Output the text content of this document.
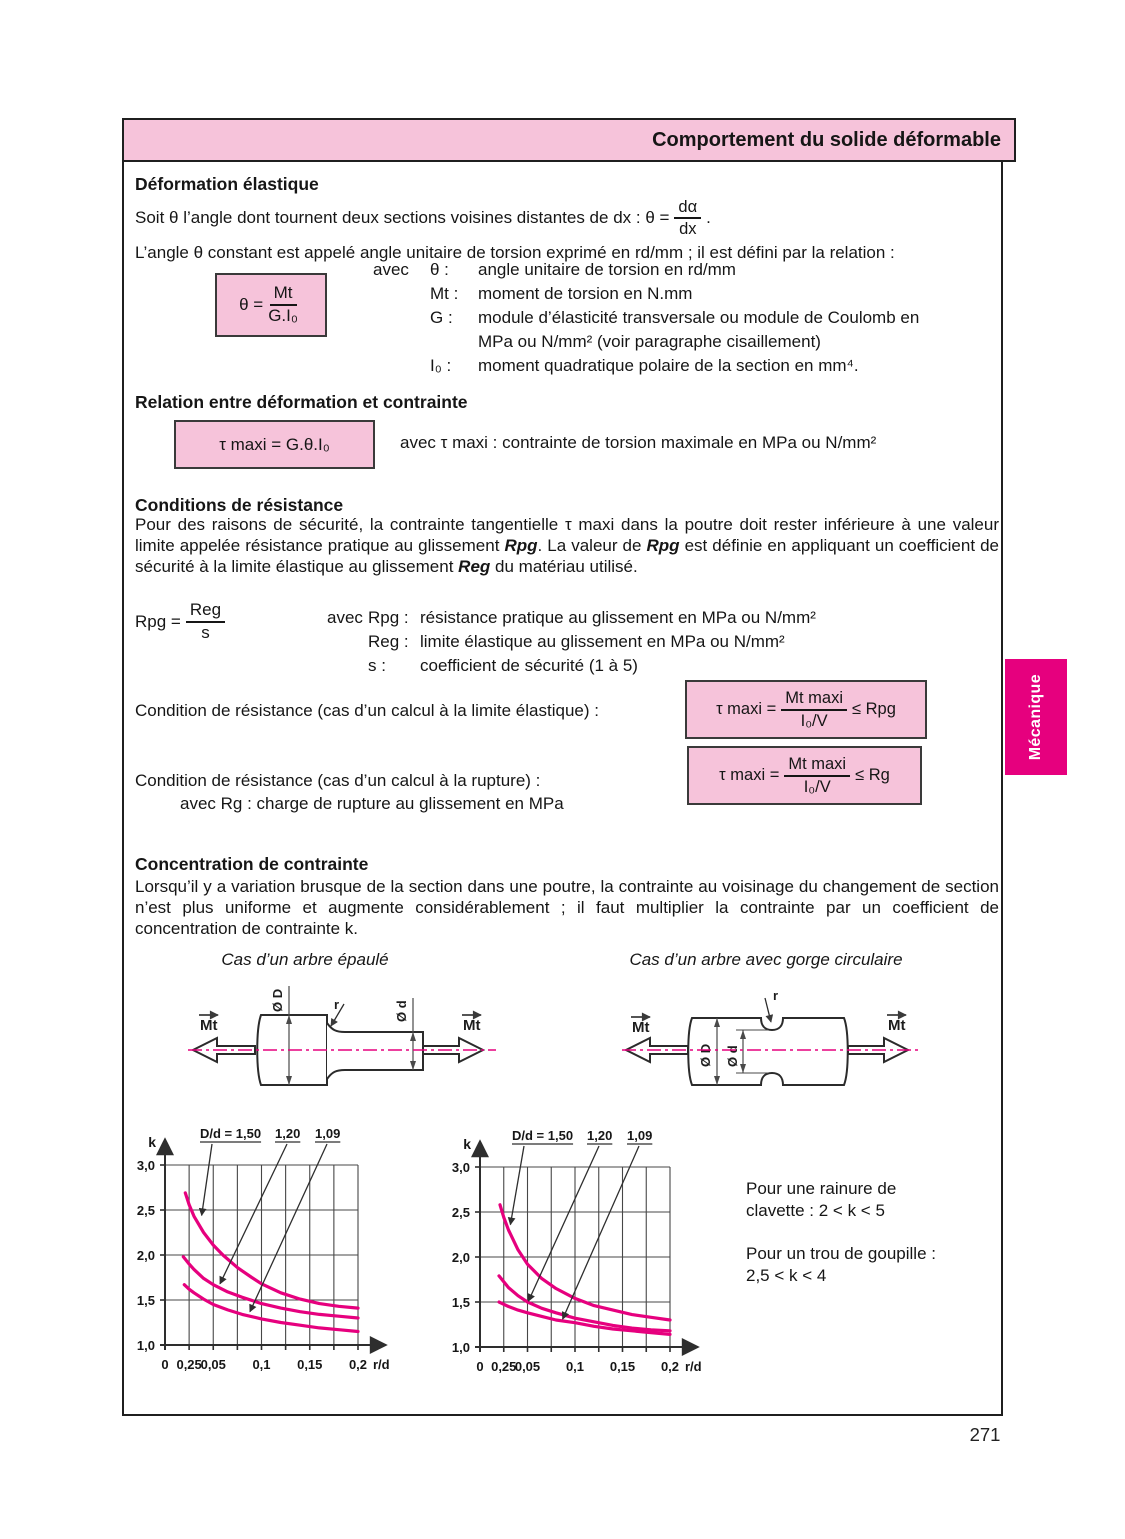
Comportement du solide déformable
Déformation élastique
Soit θ l’angle dont tournent deux sections voisines distantes de dx : $\theta = \frac{d\alpha}{dx}$ .
L’angle θ constant est appelé angle unitaire de torsion exprimé en rd/mm ; il est défini par la relation :
avec	θ :	angle unitaire de torsion en rd/mm
Mt :	moment de torsion en N.mm
G :	module d’élasticité transversale ou module de Coulomb en MPa ou N/mm² (voir paragraphe cisaillement)
I₀ :	moment quadratique polaire de la section en mm⁴.
$\theta = \frac{Mt}{\text{G.I₀}}$
Relation entre déformation et contrainte
τ maxi = G.θ.I₀	avec τ maxi : contrainte de torsion maximale en MPa ou N/mm²
Conditions de résistance
Pour des raisons de sécurité, la contrainte tangentielle τ maxi dans la poutre doit rester inférieure à une valeur limite appelée résistance pratique au glissement Rpg. La valeur de Rpg est définie en appliquant un coefficient de sécurité à la limite élastique au glissement Reg du matériau utilisé.
Rpg = $\frac{\text{Reg}}{s}$	avec Rpg : résistance pratique au glissement en MPa ou N/mm²
Reg : limite élastique au glissement en MPa ou N/mm²
s :	coefficient de sécurité (1 à 5)
Condition de résistance (cas d’un calcul à la limite élastique) :	τ $\max i = \frac{\text{Mt maxi}}{\text{I₀/V}}$ ≤ Rpg
Condition de résistance (cas d’un calcul à la rupture) :
avec Rg : charge de rupture au glissement en MPa
τ $\max i = \frac{\text{Mt maxi}}{\text{I₀/V}} \le Rg$
Concentration de contrainte
Lorsqu’il y a variation brusque de la section dans une poutre, la contrainte au voisinage du changement de section n’est plus uniforme et augmente considérablement ; il faut multiplier la contrainte par un coefficient de concentration de contrainte k.
Cas d’un arbre épaulé	Cas d’un arbre avec gorge circulaire
Ø D	Ø d
r
Mt	Mt
Ø D Ø d
r
Mt	Mt
0 0,25
0,05 0,1 0,15 0,2
1,0
1,5
2,0
2,5
3,0
r/d
k
D/d = 1,50 1,20 1,09
0 0,25
0,05 0,1 0,15 0,2
1,0
1,5
2,0
2,5
3,0
r/d
k
D/d = 1,50 1,20 1,09
Pour une rainure de
clavette : 2 < k < 5
Pour un trou de goupille :
2,5 < k < 4
Mécanique
271
